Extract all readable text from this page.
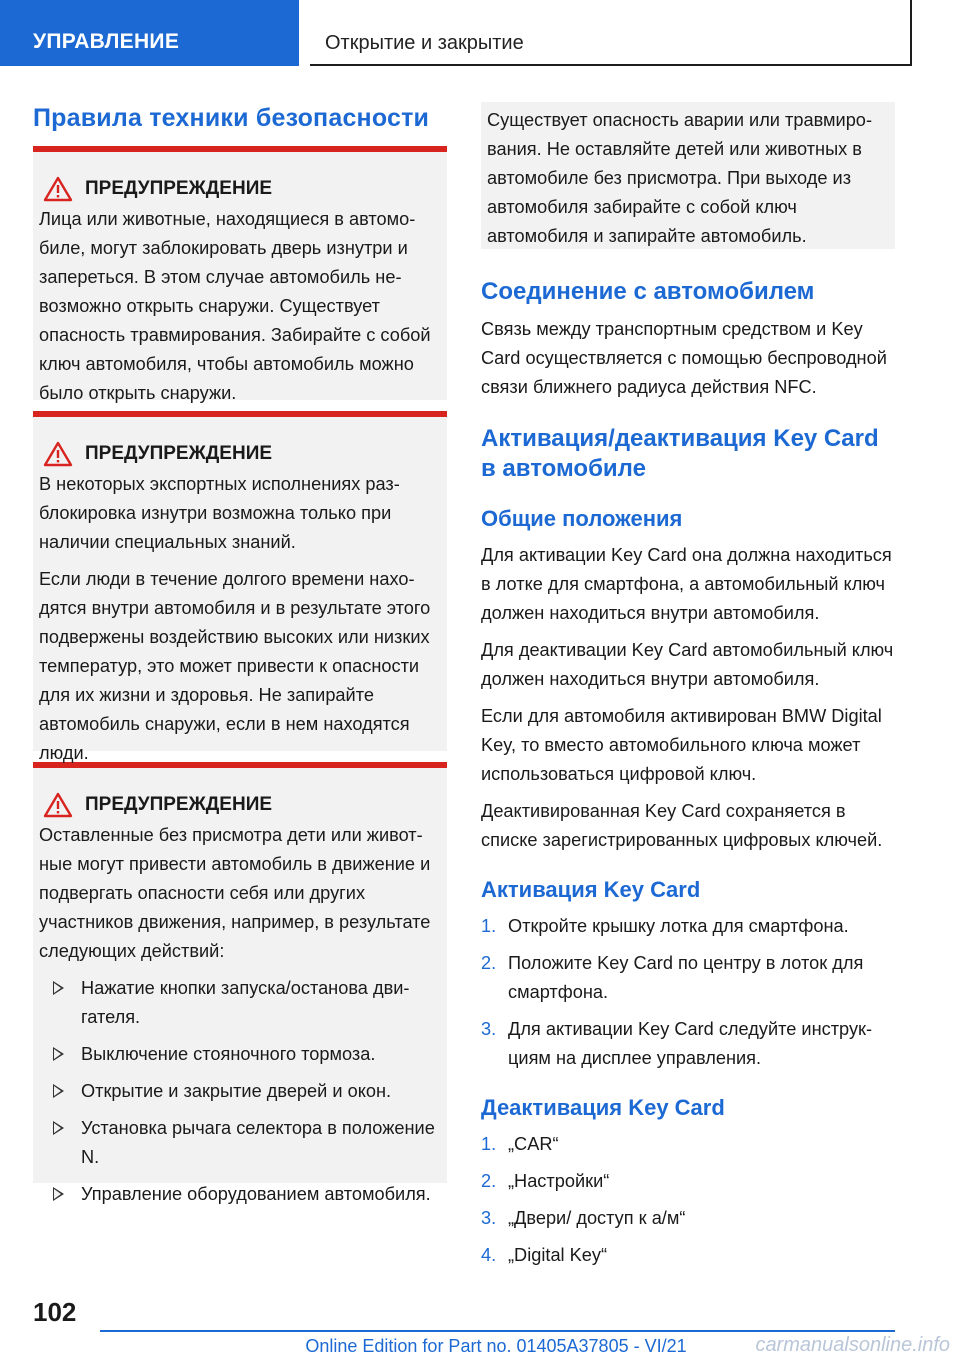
УПРАВЛЕНИЕ	Открытие и закрытие
Правила техники безопасности
ПРЕДУПРЕЖДЕНИЕ

Лица или животные, находящиеся в автомобиле, могут заблокировать дверь изнутри и запереться. В этом случае автомобиль невозможно открыть снаружи. Существует опасность травмирования. Забирайте с собой ключ автомобиля, чтобы автомобиль можно было открыть снаружи.

ПРЕДУПРЕЖДЕНИЕ

В некоторых экспортных исполнениях разблокировка изнутри возможна только при наличии специальных знаний.

Если люди в течение долгого времени находятся внутри автомобиля и в результате этого подвержены воздействию высоких или низких температур, это может привести к опасности для их жизни и здоровья. Не запирайте автомобиль снаружи, если в нем находятся люди.

ПРЕДУПРЕЖДЕНИЕ

Оставленные без присмотра дети или животные могут привести автомобиль в движение и подвергать опасности себя или других участников движения, например, в результате следующих действий:

Нажатие кнопки запуска/останова двигателя.
Выключение стояночного тормоза.
Открытие и закрытие дверей и окон.
Установка рычага селектора в положение N.
Управление оборудованием автомобиля.

Существует опасность аварии или травмирования. Не оставляйте детей или животных в автомобиле без присмотра. При выходе из автомобиля забирайте с собой ключ автомобиля и запирайте автомобиль.

Соединение с автомобилем

Связь между транспортным средством и Key Card осуществляется с помощью беспроводной связи ближнего радиуса действия NFC.

Активация/деактивация Key Card в автомобиле
Общие положения

Для активации Key Card она должна находиться в лотке для смартфона, а автомобильный ключ должен находиться внутри автомобиля.

Для деактивации Key Card автомобильный ключ должен находиться внутри автомобиля.

Если для автомобиля активирован BMW Digital Key, то вместо автомобильного ключа может использоваться цифровой ключ.

Деактивированная Key Card сохраняется в списке зарегистрированных цифровых ключей.

Активация Key Card
1. Откройте крышку лотка для смартфона.
2. Положите Key Card по центру в лоток для смартфона.
3. Для активации Key Card следуйте инструкциям на дисплее управления.
Деактивация Key Card
1. „CAR“
2. „Настройки“
3. „Двери/ доступ к а/м“
4. „Digital Key“
102
Online Edition for Part no. 01405A37805 - VI/21	carmanualsonline.info
